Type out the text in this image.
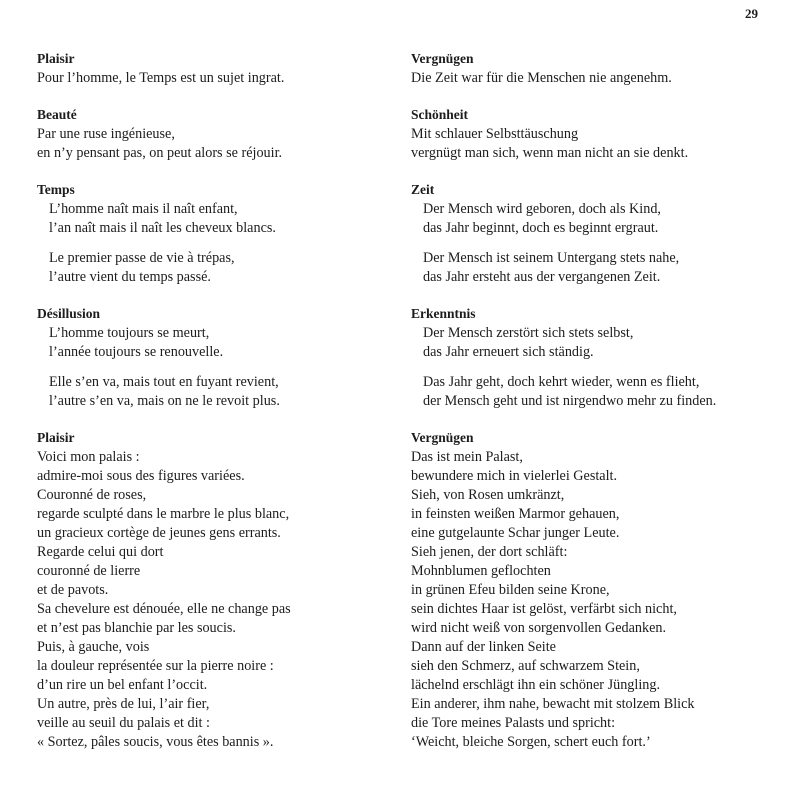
29
Plaisir
Pour l’homme, le Temps est un sujet ingrat.
Beauté
Par une ruse ingénieuse,
en n’y pensant pas, on peut alors se réjouir.
Temps
L’homme naît mais il naît enfant,
l’an naît mais il naît les cheveux blancs.
Le premier passe de vie à trépas,
l’autre vient du temps passé.
Désillusion
L’homme toujours se meurt,
l’année toujours se renouvelle.
Elle s’en va, mais tout en fuyant revient,
l’autre s’en va, mais on ne le revoit plus.
Plaisir
Voici mon palais :
admire-moi sous des figures variées.
Couronné de roses,
regarde sculpté dans le marbre le plus blanc,
un gracieux cortège de jeunes gens errants.
Regarde celui qui dort
couronné de lierre
et de pavots.
Sa chevelure est dénouée, elle ne change pas
et n’est pas blanchie par les soucis.
Puis, à gauche, vois
la douleur représentée sur la pierre noire :
d’un rire un bel enfant l’occit.
Un autre, près de lui, l’air fier,
veille au seuil du palais et dit :
« Sortez, pâles soucis, vous êtes bannis ».
Vergnügen
Die Zeit war für die Menschen nie angenehm.
Schönheit
Mit schlauer Selbsttäuschung
vergnügt man sich, wenn man nicht an sie denkt.
Zeit
Der Mensch wird geboren, doch als Kind,
das Jahr beginnt, doch es beginnt ergraut.
Der Mensch ist seinem Untergang stets nahe,
das Jahr ersteht aus der vergangenen Zeit.
Erkenntnis
Der Mensch zerstört sich stets selbst,
das Jahr erneuert sich ständig.
Das Jahr geht, doch kehrt wieder, wenn es flieht,
der Mensch geht und ist nirgendwo mehr zu finden.
Vergnügen
Das ist mein Palast,
bewundere mich in vielerlei Gestalt.
Sieh, von Rosen umkränzt,
in feinsten weißen Marmor gehauen,
eine gutgelaunte Schar junger Leute.
Sieh jenen, der dort schläft:
Mohnblumen geflochten
in grünen Efeu bilden seine Krone,
sein dichtes Haar ist gelöst, verfärbt sich nicht,
wird nicht weiß von sorgenvollen Gedanken.
Dann auf der linken Seite
sieh den Schmerz, auf schwarzem Stein,
lächelnd erschlägt ihn ein schöner Jüngling.
Ein anderer, ihm nahe, bewacht mit stolzem Blick
die Tore meines Palasts und spricht:
‘Weicht, bleiche Sorgen, schert euch fort.’
